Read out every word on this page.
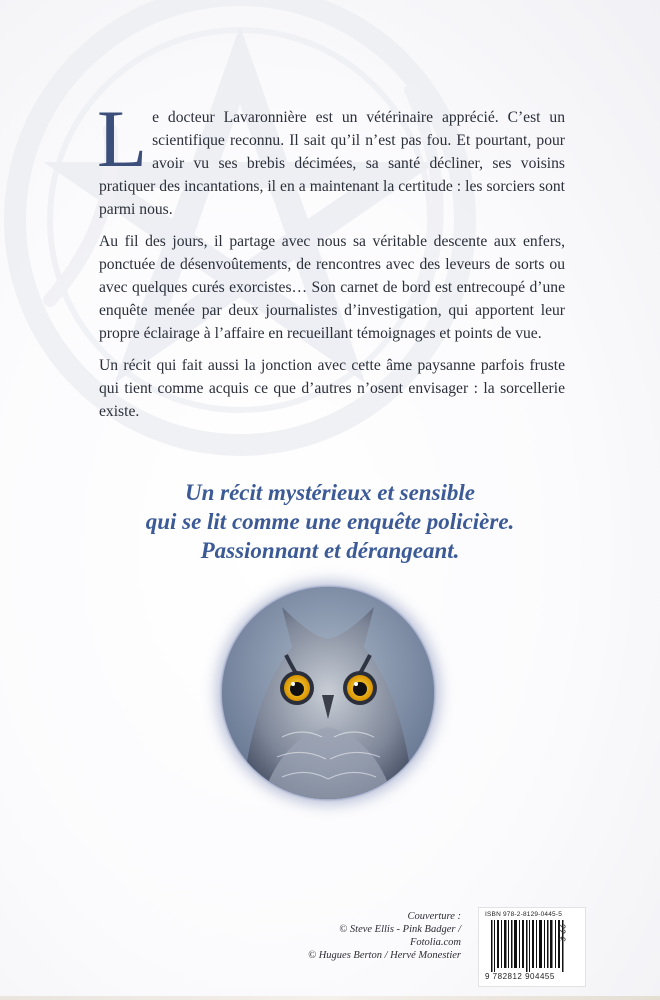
Le docteur Lavaronnière est un vétérinaire apprécié. C’est un scientifique reconnu. Il sait qu’il n’est pas fou. Et pourtant, pour avoir vu ses brebis décimées, sa santé décliner, ses voisins pratiquer des incantations, il en a maintenant la certitude : les sorciers sont parmi nous.

Au fil des jours, il partage avec nous sa véritable descente aux enfers, ponctuée de désenvoûtements, de rencontres avec des leveurs de sorts ou avec quelques curés exorcistes… Son carnet de bord est entrecoupé d’une enquête menée par deux journalistes d’investigation, qui apportent leur propre éclairage à l’affaire en recueillant témoignages et points de vue.

Un récit qui fait aussi la jonction avec cette âme paysanne parfois fruste qui tient comme acquis ce que d’autres n’osent envisager : la sorcellerie existe.

Un récit mystérieux et sensible
qui se lit comme une enquête policière.
Passionnant et dérangeant.
Couverture :
© Steve Ellis - Pink Badger / Fotolia.com
© Hugues Berton / Hervé Monestier
ISBN 978-2-8129-0445-5
9 782812 904455
22 €
